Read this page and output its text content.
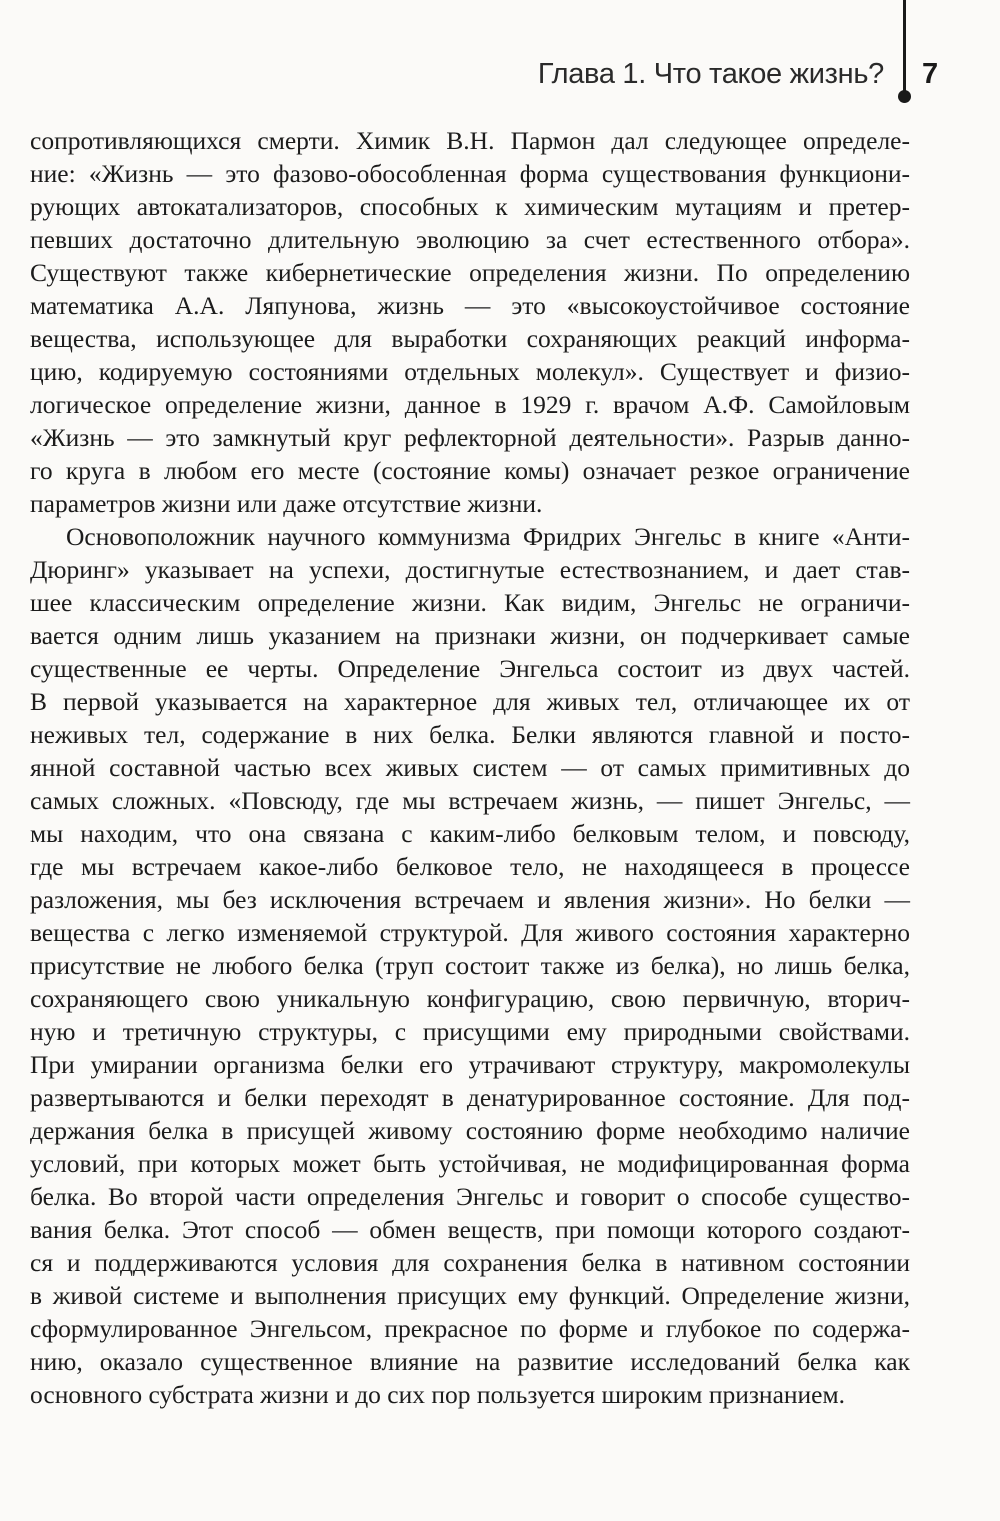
Глава 1. Что такое жизнь? 7
сопротивляющихся смерти. Химик В.Н. Пармон дал следующее определе-
ние: «Жизнь — это фазово-обособленная форма существования функциони-
рующих автокатализаторов, способных к химическим мутациям и претер-
певших достаточно длительную эволюцию за счет естественного отбора».
Существуют также кибернетические определения жизни. По определению
математика А.А. Ляпунова, жизнь — это «высокоустойчивое состояние
вещества, использующее для выработки сохраняющих реакций информа-
цию, кодируемую состояниями отдельных молекул». Существует и физио-
логическое определение жизни, данное в 1929 г. врачом А.Ф. Самойловым
«Жизнь — это замкнутый круг рефлекторной деятельности». Разрыв данно-
го круга в любом его месте (состояние комы) означает резкое ограничение
параметров жизни или даже отсутствие жизни.
Основоположник научного коммунизма Фридрих Энгельс в книге «Анти-
Дюринг» указывает на успехи, достигнутые естествознанием, и дает став-
шее классическим определение жизни. Как видим, Энгельс не ограничи-
вается одним лишь указанием на признаки жизни, он подчеркивает самые
существенные ее черты. Определение Энгельса состоит из двух частей.
В первой указывается на характерное для живых тел, отличающее их от
неживых тел, содержание в них белка. Белки являются главной и посто-
янной составной частью всех живых систем — от самых примитивных до
самых сложных. «Повсюду, где мы встречаем жизнь, — пишет Энгельс, —
мы находим, что она связана с каким-либо белковым телом, и повсюду,
где мы встречаем какое-либо белковое тело, не находящееся в процессе
разложения, мы без исключения встречаем и явления жизни». Но белки —
вещества с легко изменяемой структурой. Для живого состояния характерно
присутствие не любого белка (труп состоит также из белка), но лишь белка,
сохраняющего свою уникальную конфигурацию, свою первичную, вторич-
ную и третичную структуры, с присущими ему природными свойствами.
При умирании организма белки его утрачивают структуру, макромолекулы
развертываются и белки переходят в денатурированное состояние. Для под-
держания белка в присущей живому состоянию форме необходимо наличие
условий, при которых может быть устойчивая, не модифицированная форма
белка. Во второй части определения Энгельс и говорит о способе существо-
вания белка. Этот способ — обмен веществ, при помощи которого создают-
ся и поддерживаются условия для сохранения белка в нативном состоянии
в живой системе и выполнения присущих ему функций. Определение жизни,
сформулированное Энгельсом, прекрасное по форме и глубокое по содержа-
нию, оказало существенное влияние на развитие исследований белка как
основного субстрата жизни и до сих пор пользуется широким признанием.
